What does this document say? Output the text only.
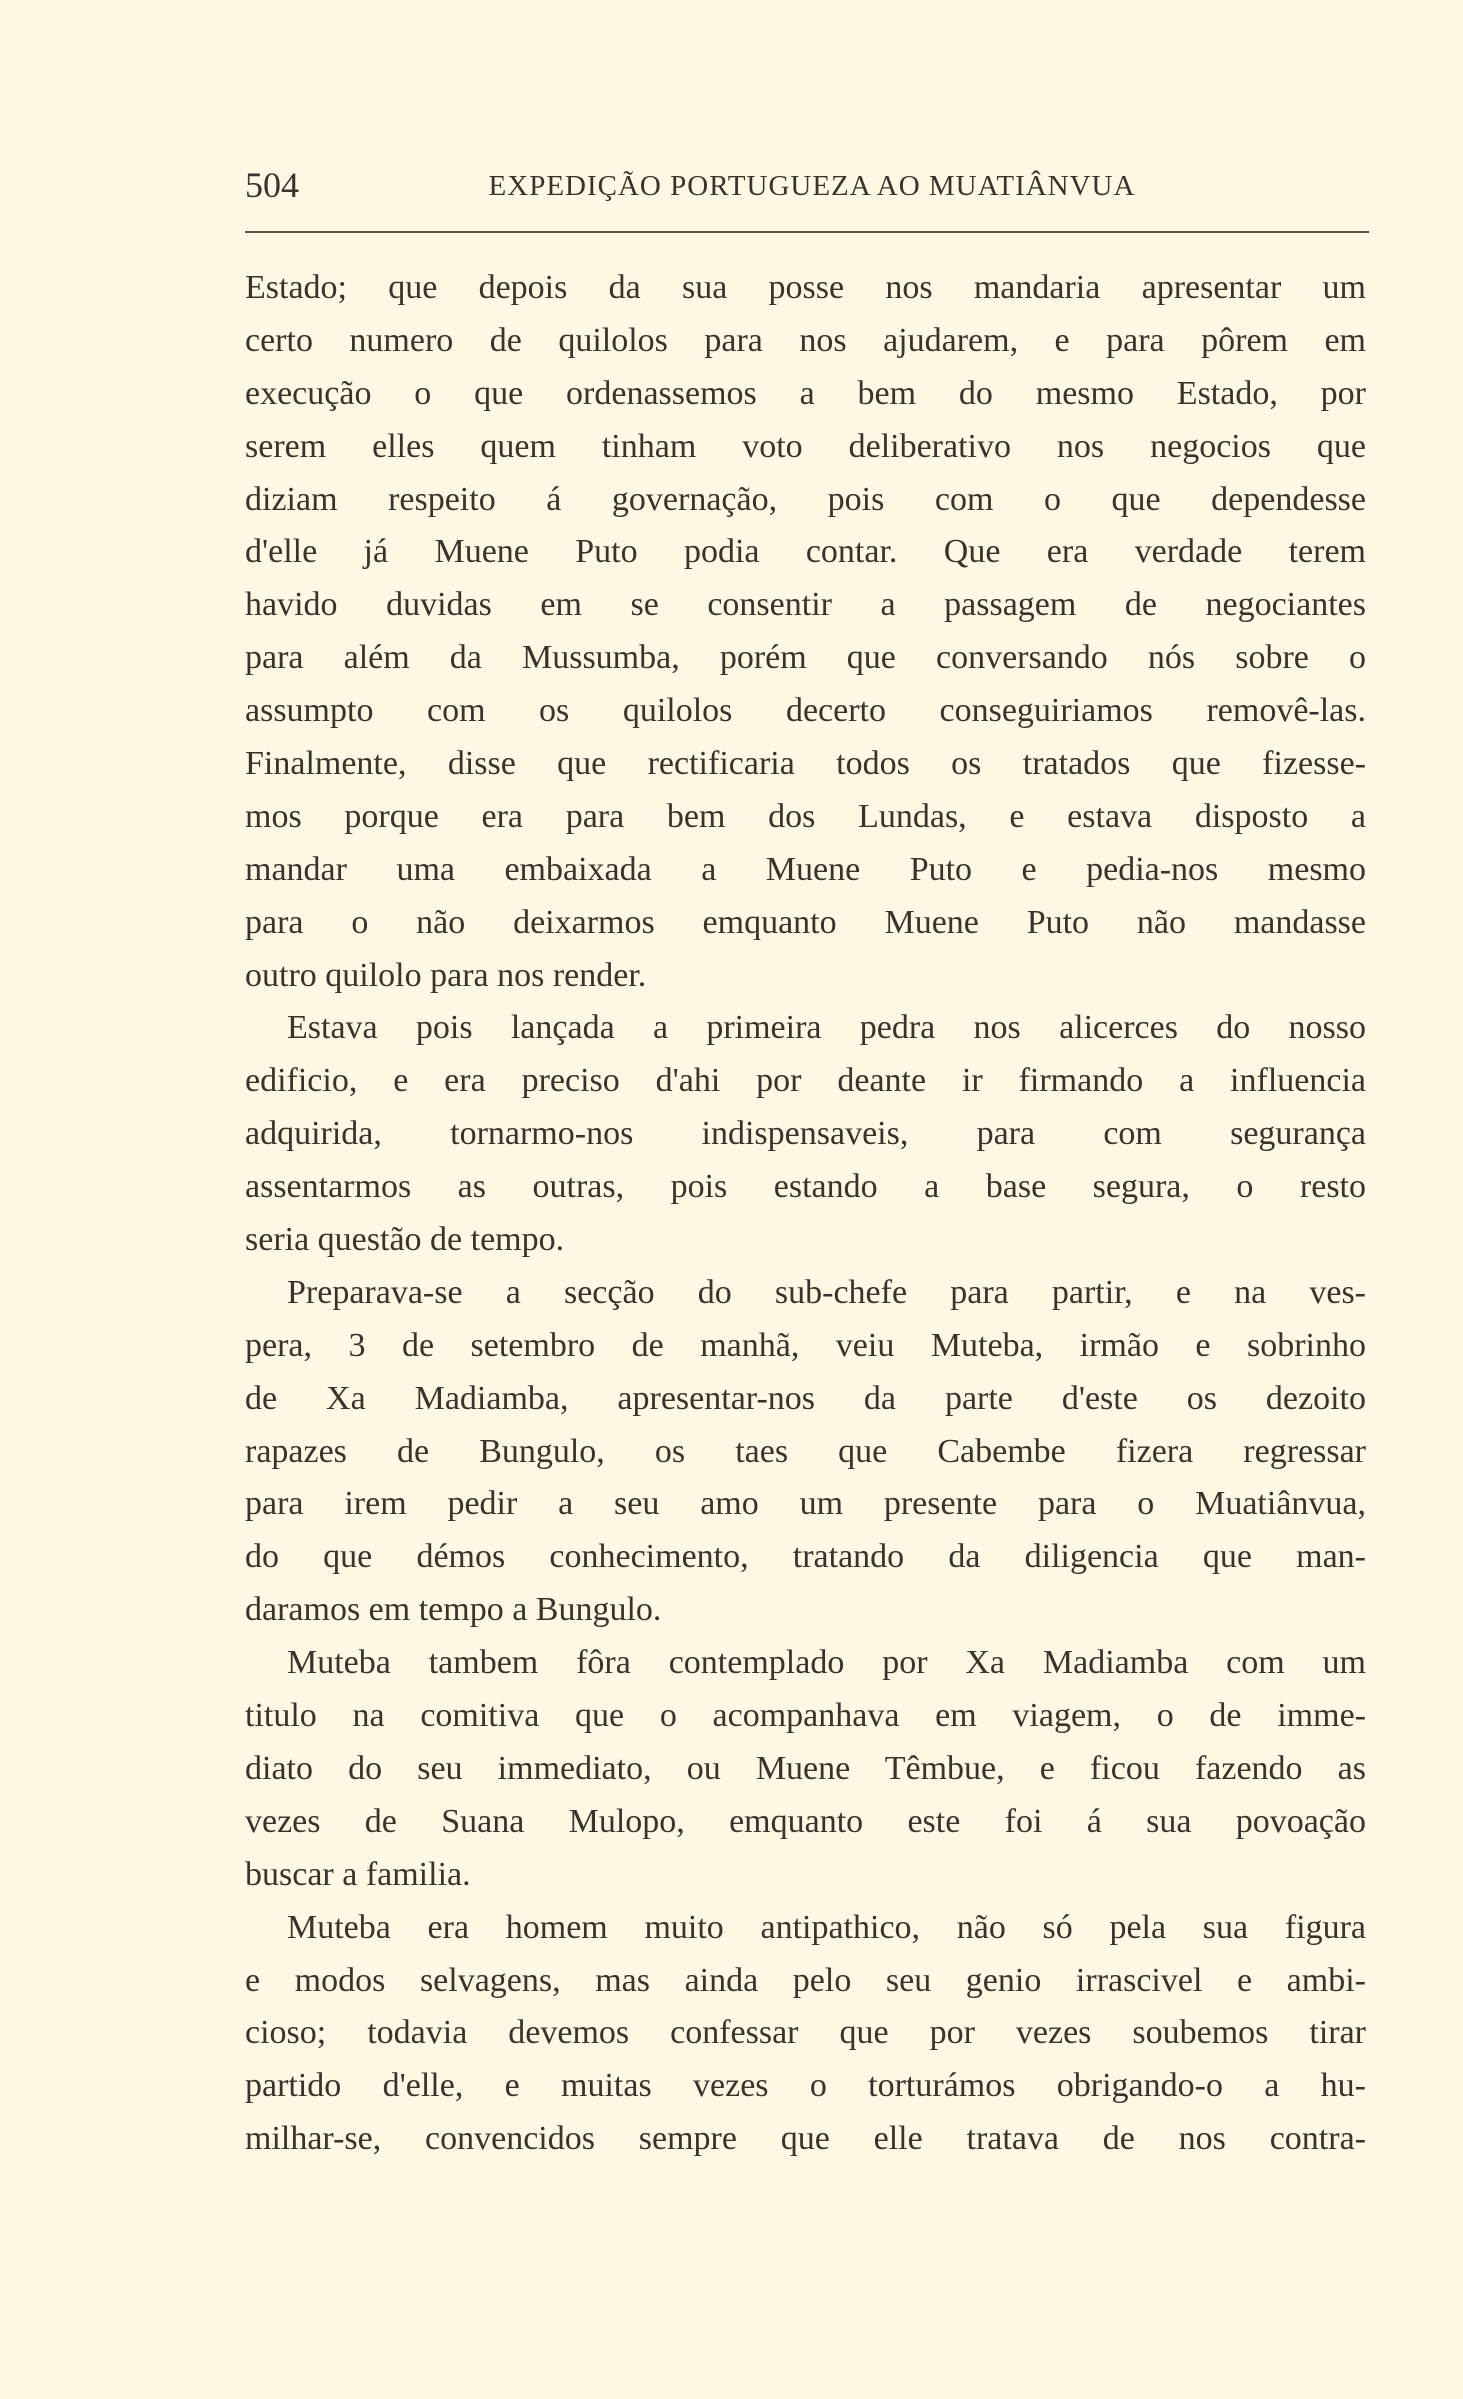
504	EXPEDIÇÃO PORTUGUEZA AO MUATIÂNVUA
Estado; que depois da sua posse nos mandaria apresentar um
certo numero de quilolos para nos ajudarem, e para pôrem em
execução o que ordenassemos a bem do mesmo Estado, por
serem elles quem tinham voto deliberativo nos negocios que
diziam respeito á governação, pois com o que dependesse
d'elle já Muene Puto podia contar. Que era verdade terem
havido duvidas em se consentir a passagem de negociantes
para além da Mussumba, porém que conversando nós sobre o
assumpto com os quilolos decerto conseguiriamos removê-las.
Finalmente, disse que rectificaria todos os tratados que fizesse-
mos porque era para bem dos Lundas, e estava disposto a
mandar uma embaixada a Muene Puto e pedia-nos mesmo
para o não deixarmos emquanto Muene Puto não mandasse
outro quilolo para nos render.
Estava pois lançada a primeira pedra nos alicerces do nosso
edificio, e era preciso d'ahi por deante ir firmando a influencia
adquirida, tornarmo-nos indispensaveis, para com segurança
assentarmos as outras, pois estando a base segura, o resto
seria questão de tempo.
Preparava-se a secção do sub-chefe para partir, e na ves-
pera, 3 de setembro de manhã, veiu Muteba, irmão e sobrinho
de Xa Madiamba, apresentar-nos da parte d'este os dezoito
rapazes de Bungulo, os taes que Cabembe fizera regressar
para irem pedir a seu amo um presente para o Muatiânvua,
do que démos conhecimento, tratando da diligencia que man-
daramos em tempo a Bungulo.
Muteba tambem fôra contemplado por Xa Madiamba com um
titulo na comitiva que o acompanhava em viagem, o de imme-
diato do seu immediato, ou Muene Têmbue, e ficou fazendo as
vezes de Suana Mulopo, emquanto este foi á sua povoação
buscar a familia.
Muteba era homem muito antipathico, não só pela sua figura
e modos selvagens, mas ainda pelo seu genio irrascivel e ambi-
cioso; todavia devemos confessar que por vezes soubemos tirar
partido d'elle, e muitas vezes o torturámos obrigando-o a hu-
milhar-se, convencidos sempre que elle tratava de nos contra-
